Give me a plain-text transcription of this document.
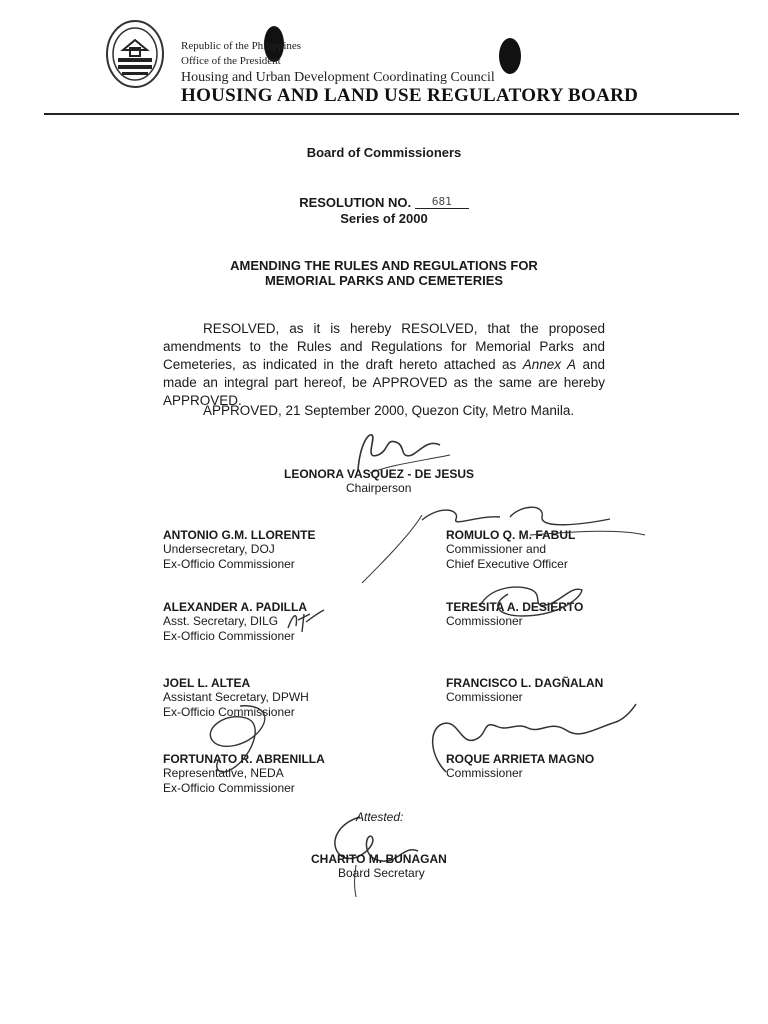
Republic of the Philippines
Office of the President
Housing and Urban Development Coordinating Council
HOUSING AND LAND USE REGULATORY BOARD
Board of Commissioners
RESOLUTION NO. 681
Series of 2000
AMENDING THE RULES AND REGULATIONS FOR
MEMORIAL PARKS AND CEMETERIES
RESOLVED, as it is hereby RESOLVED, that the proposed amendments to the Rules and Regulations for Memorial Parks and Cemeteries, as indicated in the draft hereto attached as Annex A and made an integral part hereof, be APPROVED as the same are hereby APPROVED.
APPROVED, 21 September 2000, Quezon City, Metro Manila.
LEONORA VASQUEZ - DE JESUS
Chairperson
ANTONIO G.M. LLORENTE
Undersecretary, DOJ
Ex-Officio Commissioner
ALEXANDER A. PADILLA
Asst. Secretary, DILG
Ex-Officio Commissioner
JOEL L. ALTEA
Assistant Secretary, DPWH
Ex-Officio Commissioner
FORTUNATO R. ABRENILLA
Representative, NEDA
Ex-Officio Commissioner
ROMULO Q. M. FABUL
Commissioner and
Chief Executive Officer
TERESITA A. DESIERTO
Commissioner
FRANCISCO L. DAGÑALAN
Commissioner
ROQUE ARRIETA MAGNO
Commissioner
Attested:
CHARITO M. BUNAGAN
Board Secretary
